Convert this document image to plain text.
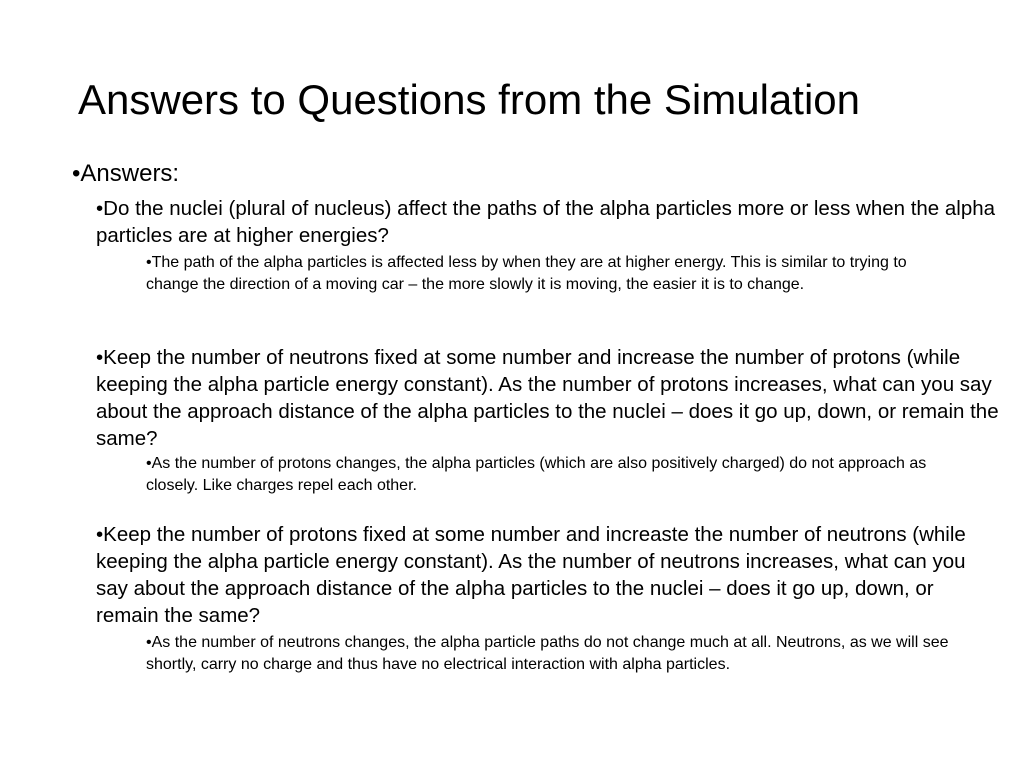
Answers to Questions from the Simulation

•Answers:

•Do the nuclei (plural of nucleus) affect the paths of the alpha particles more or less when the alpha particles are at higher energies?

•The path of the alpha particles is affected less by when they are at higher energy. This is similar to trying to change the direction of a moving car – the more slowly it is moving, the easier it is to change.

•Keep the number of neutrons fixed at some number and increase the number of protons (while keeping the alpha particle energy constant). As the number of protons increases, what can you say about the approach distance of the alpha particles to the nuclei – does it go up, down, or remain the same?

•As the number of protons changes, the alpha particles (which are also positively charged) do not approach as closely. Like charges repel each other.

•Keep the number of protons fixed at some number and increaste the number of neutrons (while keeping the alpha particle energy constant). As the number of neutrons increases, what can you say about the approach distance of the alpha particles to the nuclei – does it go up, down, or remain the same?

•As the number of neutrons changes, the alpha particle paths do not change much at all. Neutrons, as we will see shortly, carry no charge and thus have no electrical interaction with alpha particles.
